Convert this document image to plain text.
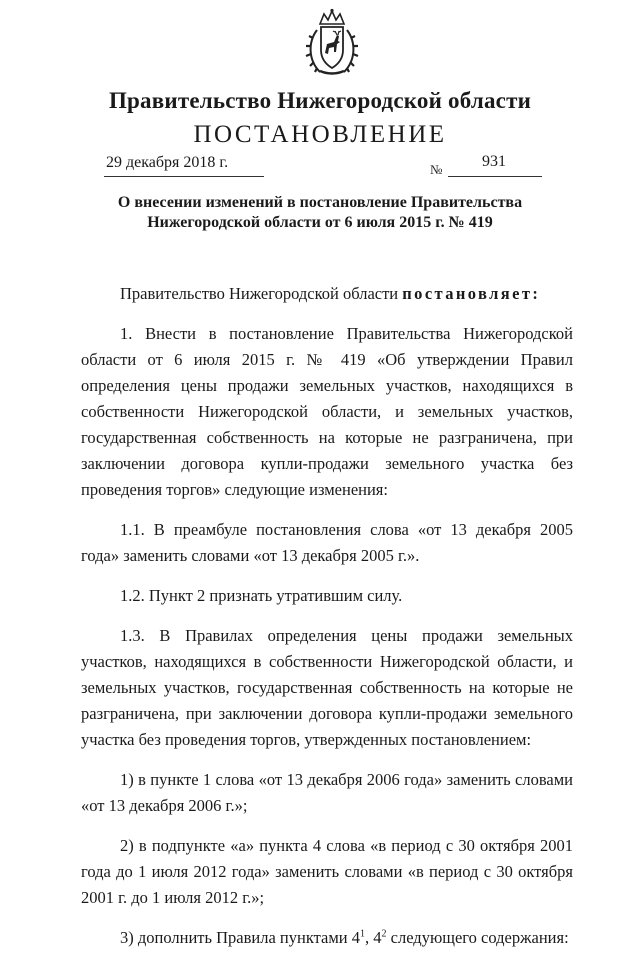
Правительство Нижегородской области
ПОСТАНОВЛЕНИЕ
29 декабря 2018 г.	№ 931
О внесении изменений в постановление Правительства
Нижегородской области от 6 июля 2015 г. № 419

Правительство Нижегородской области постановляет:

1. Внести в постановление Правительства Нижегородской области от 6 июля 2015 г. № 419 «Об утверждении Правил определения цены продажи земельных участков, находящихся в собственности Нижегородской области, и земельных участков, государственная собственность на которые не разграничена, при заключении договора купли-продажи земельного участка без проведения торгов» следующие изменения:

1.1. В преамбуле постановления слова «от 13 декабря 2005 года» заменить словами «от 13 декабря 2005 г.».

1.2. Пункт 2 признать утратившим силу.

1.3. В Правилах определения цены продажи земельных участков, находящихся в собственности Нижегородской области, и земельных участков, государственная собственность на которые не разграничена, при заключении договора купли-продажи земельного участка без проведения торгов, утвержденных постановлением:

1) в пункте 1 слова «от 13 декабря 2006 года» заменить словами «от 13 декабря 2006 г.»;

2) в подпункте «а» пункта 4 слова «в период с 30 октября 2001 года до 1 июля 2012 года» заменить словами «в период с 30 октября 2001 г. до 1 июля 2012 г.»;

3) дополнить Правила пунктами $4^1$, $4^2$ следующего содержания:
